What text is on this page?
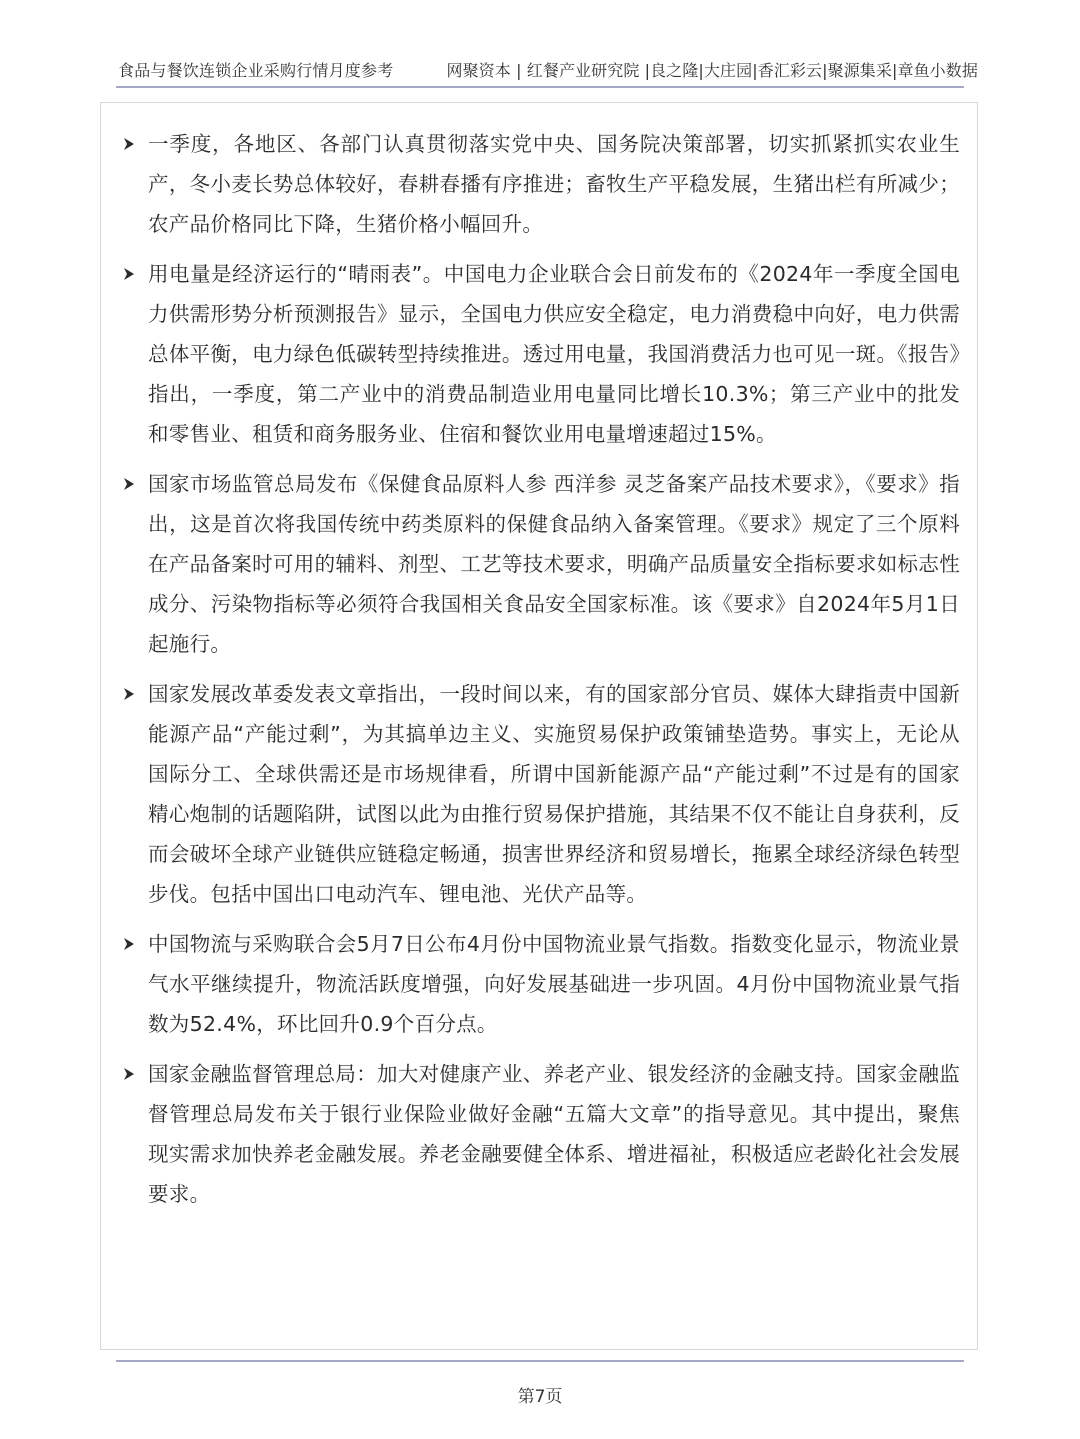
食品与餐饮连锁企业采购行情月度参考	网聚资本 | 红餐产业研究院 |良之隆|大庄园|香汇彩云|聚源集采|章鱼小数据
一季度，各地区、各部门认真贯彻落实党中央、国务院决策部署，切实抓紧抓实农业生产，冬小麦长势总体较好，春耕春播有序推进；畜牧生产平稳发展，生猪出栏有所减少；农产品价格同比下降，生猪价格小幅回升。
用电量是经济运行的“晴雨表”。中国电力企业联合会日前发布的《2024年一季度全国电力供需形势分析预测报告》显示，全国电力供应安全稳定，电力消费稳中向好，电力供需总体平衡，电力绿色低碳转型持续推进。透过用电量，我国消费活力也可见一斑。《报告》指出，一季度，第二产业中的消费品制造业用电量同比增长10.3%；第三产业中的批发和零售业、租赁和商务服务业、住宿和餐饮业用电量增速超过15%。
国家市场监管总局发布《保健食品原料人参 西洋参 灵芝备案产品技术要求》，《要求》指出，这是首次将我国传统中药类原料的保健食品纳入备案管理。《要求》规定了三个原料在产品备案时可用的辅料、剂型、工艺等技术要求，明确产品质量安全指标要求如标志性成分、污染物指标等必须符合我国相关食品安全国家标准。该《要求》自2024年5月1日起施行。
国家发展改革委发表文章指出，一段时间以来，有的国家部分官员、媒体大肆指责中国新能源产品“产能过剩”，为其搞单边主义、实施贸易保护政策铺垫造势。事实上，无论从国际分工、全球供需还是市场规律看，所谓中国新能源产品“产能过剩”不过是有的国家精心炮制的话题陷阱，试图以此为由推行贸易保护措施，其结果不仅不能让自身获利，反而会破坏全球产业链供应链稳定畅通，损害世界经济和贸易增长，拖累全球经济绿色转型步伐。包括中国出口电动汽车、锂电池、光伏产品等。
中国物流与采购联合会5月7日公布4月份中国物流业景气指数。指数变化显示，物流业景气水平继续提升，物流活跃度增强，向好发展基础进一步巩固。4月份中国物流业景气指数为52.4%，环比回升0.9个百分点。
国家金融监督管理总局：加大对健康产业、养老产业、银发经济的金融支持。国家金融监督管理总局发布关于银行业保险业做好金融“五篇大文章”的指导意见。其中提出，聚焦现实需求加快养老金融发展。养老金融要健全体系、增进福祉，积极适应老龄化社会发展要求。
第7页
